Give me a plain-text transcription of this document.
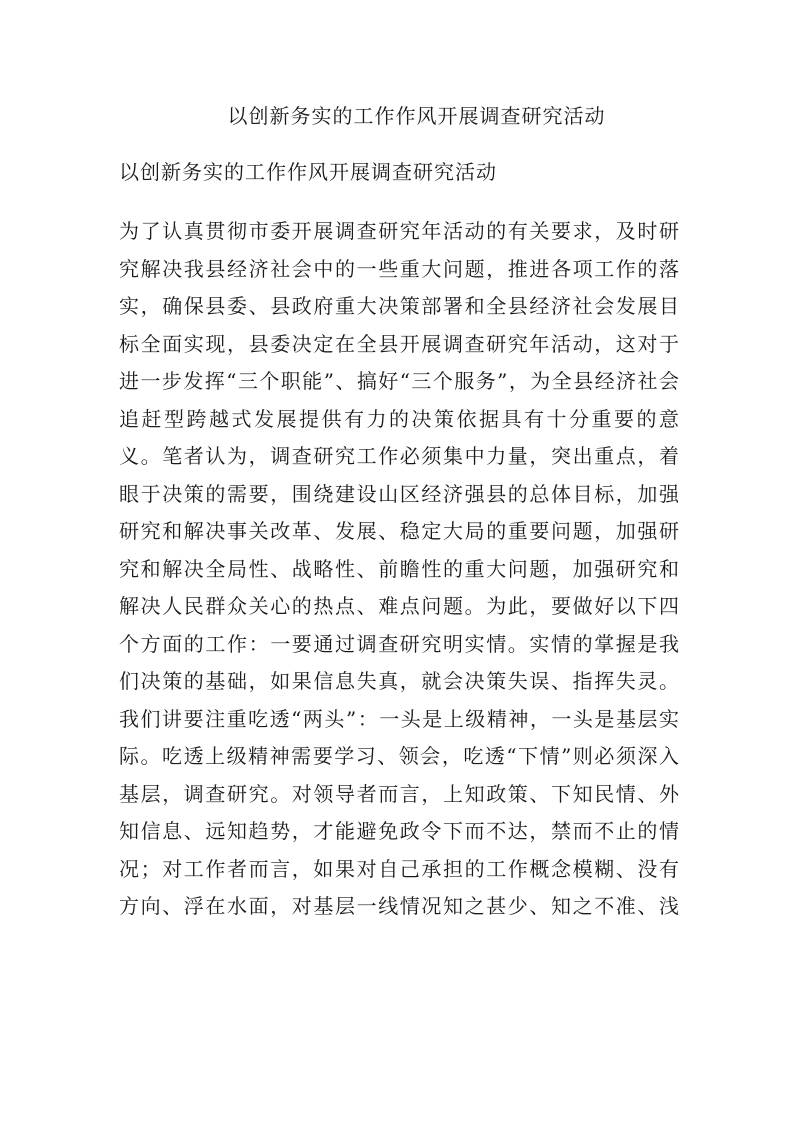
以创新务实的工作作风开展调查研究活动
以创新务实的工作作风开展调查研究活动
为了认真贯彻市委开展调查研究年活动的有关要求，及时研
究解决我县经济社会中的一些重大问题，推进各项工作的落
实，确保县委、县政府重大决策部署和全县经济社会发展目
标全面实现，县委决定在全县开展调查研究年活动，这对于
进一步发挥“三个职能”、搞好“三个服务”，为全县经济社会
追赶型跨越式发展提供有力的决策依据具有十分重要的意
义。笔者认为，调查研究工作必须集中力量，突出重点，着
眼于决策的需要，围绕建设山区经济强县的总体目标，加强
研究和解决事关改革、发展、稳定大局的重要问题，加强研
究和解决全局性、战略性、前瞻性的重大问题，加强研究和
解决人民群众关心的热点、难点问题。为此，要做好以下四
个方面的工作：一要通过调查研究明实情。实情的掌握是我
们决策的基础，如果信息失真，就会决策失误、指挥失灵。
我们讲要注重吃透“两头”：一头是上级精神，一头是基层实
际。吃透上级精神需要学习、领会，吃透“下情”则必须深入
基层，调查研究。对领导者而言，上知政策、下知民情、外
知信息、远知趋势，才能避免政令下而不达，禁而不止的情
况；对工作者而言，如果对自己承担的工作概念模糊、没有
方向、浮在水面，对基层一线情况知之甚少、知之不准、浅
